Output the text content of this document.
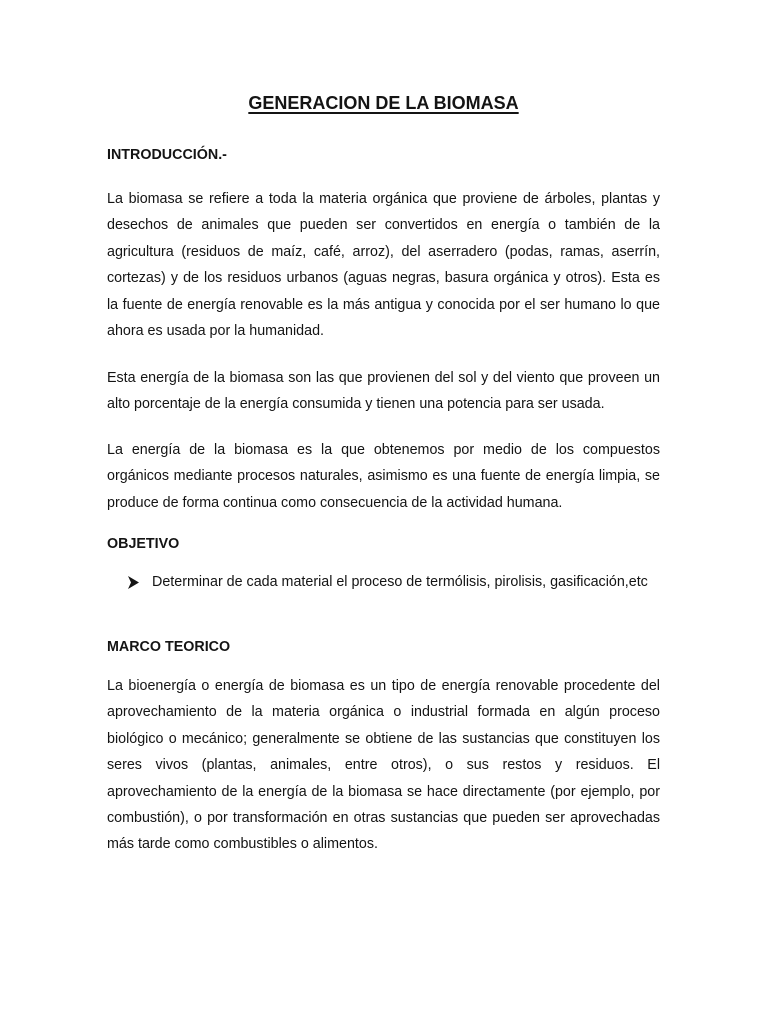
GENERACION DE LA BIOMASA
INTRODUCCIÓN.-

La biomasa se refiere a toda la materia orgánica que proviene de árboles, plantas y desechos de animales que pueden ser convertidos en energía o también de la agricultura (residuos de maíz, café, arroz), del aserradero (podas, ramas, aserrín, cortezas) y de los residuos urbanos (aguas negras, basura orgánica y otros). Esta es la fuente de energía renovable es la más antigua y conocida por el ser humano lo que ahora es usada por la humanidad.

Esta energía de la biomasa son las que provienen del sol y del viento que proveen un alto porcentaje de la energía consumida y tienen una potencia para ser usada.

La energía de la biomasa es la que obtenemos por medio de los compuestos orgánicos mediante procesos naturales, asimismo es una fuente de energía limpia, se produce de forma continua como consecuencia de la actividad humana.

OBJETIVO
Determinar de cada material el proceso de termólisis, pirolisis, gasificación,etc
MARCO TEORICO

La bioenergía o energía de biomasa es un tipo de energía renovable procedente del aprovechamiento de la materia orgánica o industrial formada en algún proceso biológico o mecánico; generalmente se obtiene de las sustancias que constituyen los seres vivos (plantas, animales, entre otros), o sus restos y residuos. El aprovechamiento de la energía de la biomasa se hace directamente (por ejemplo, por combustión), o por transformación en otras sustancias que pueden ser aprovechadas más tarde como combustibles o alimentos.
